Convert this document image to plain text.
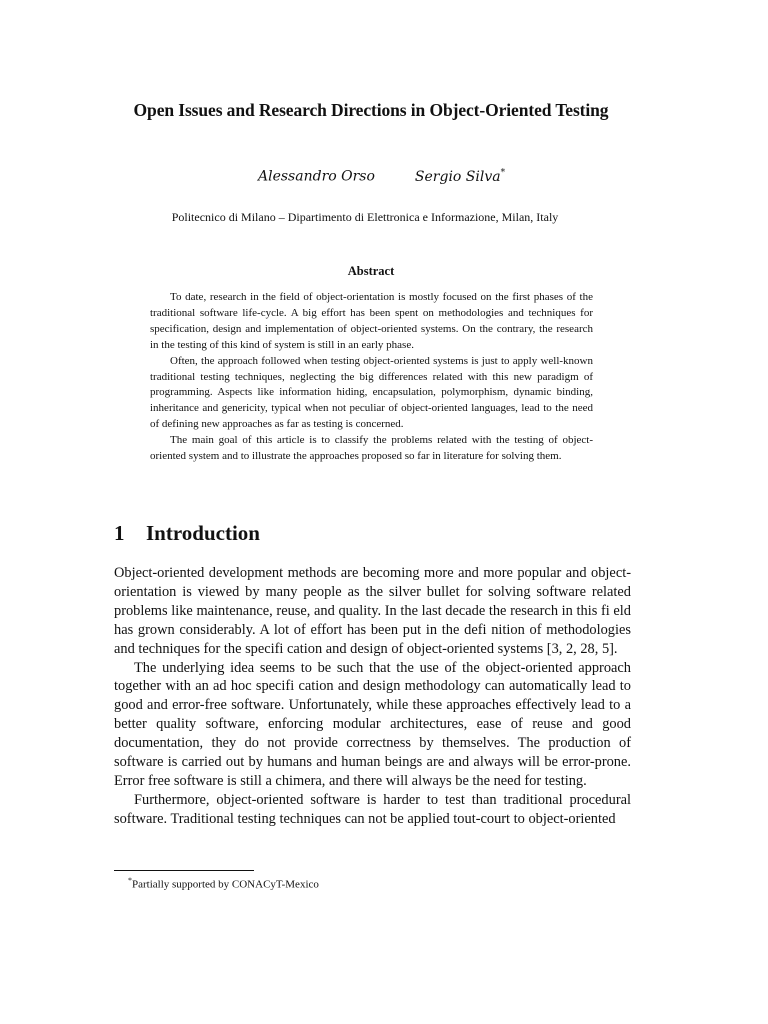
Open Issues and Research Directions in Object-Oriented Testing
Alessandro Orso	Sergio Silva*
Politecnico di Milano – Dipartimento di Elettronica e Informazione, Milan, Italy
Abstract

To date, research in the field of object-orientation is mostly focused on the first phases of the traditional software life-cycle. A big effort has been spent on methodologies and techniques for specification, design and implementation of object-oriented systems. On the contrary, the research in the testing of this kind of system is still in an early phase.

Often, the approach followed when testing object-oriented systems is just to apply well-known traditional testing techniques, neglecting the big differences related with this new paradigm of programming. Aspects like information hiding, encapsulation, polymorphism, dynamic binding, inheritance and genericity, typical when not peculiar of object-oriented languages, lead to the need of defining new approaches as far as testing is concerned.

The main goal of this article is to classify the problems related with the testing of object-oriented system and to illustrate the approaches proposed so far in literature for solving them.

1 Introduction

Object-oriented development methods are becoming more and more popular and object-orientation is viewed by many people as the silver bullet for solving software related problems like maintenance, reuse, and quality. In the last decade the research in this fi eld has grown considerably. A lot of effort has been put in the defi nition of methodologies and techniques for the specifi cation and design of object-oriented systems [3, 2, 28, 5].

The underlying idea seems to be such that the use of the object-oriented approach together with an ad hoc specifi cation and design methodology can automatically lead to good and error-free software. Unfortunately, while these approaches effectively lead to a better quality software, enforcing modular architectures, ease of reuse and good documentation, they do not provide correctness by themselves. The production of software is carried out by humans and human beings are and always will be error-prone. Error free software is still a chimera, and there will always be the need for testing.

Furthermore, object-oriented software is harder to test than traditional procedural software. Traditional testing techniques can not be applied tout-court to object-oriented

*Partially supported by CONACyT-Mexico
